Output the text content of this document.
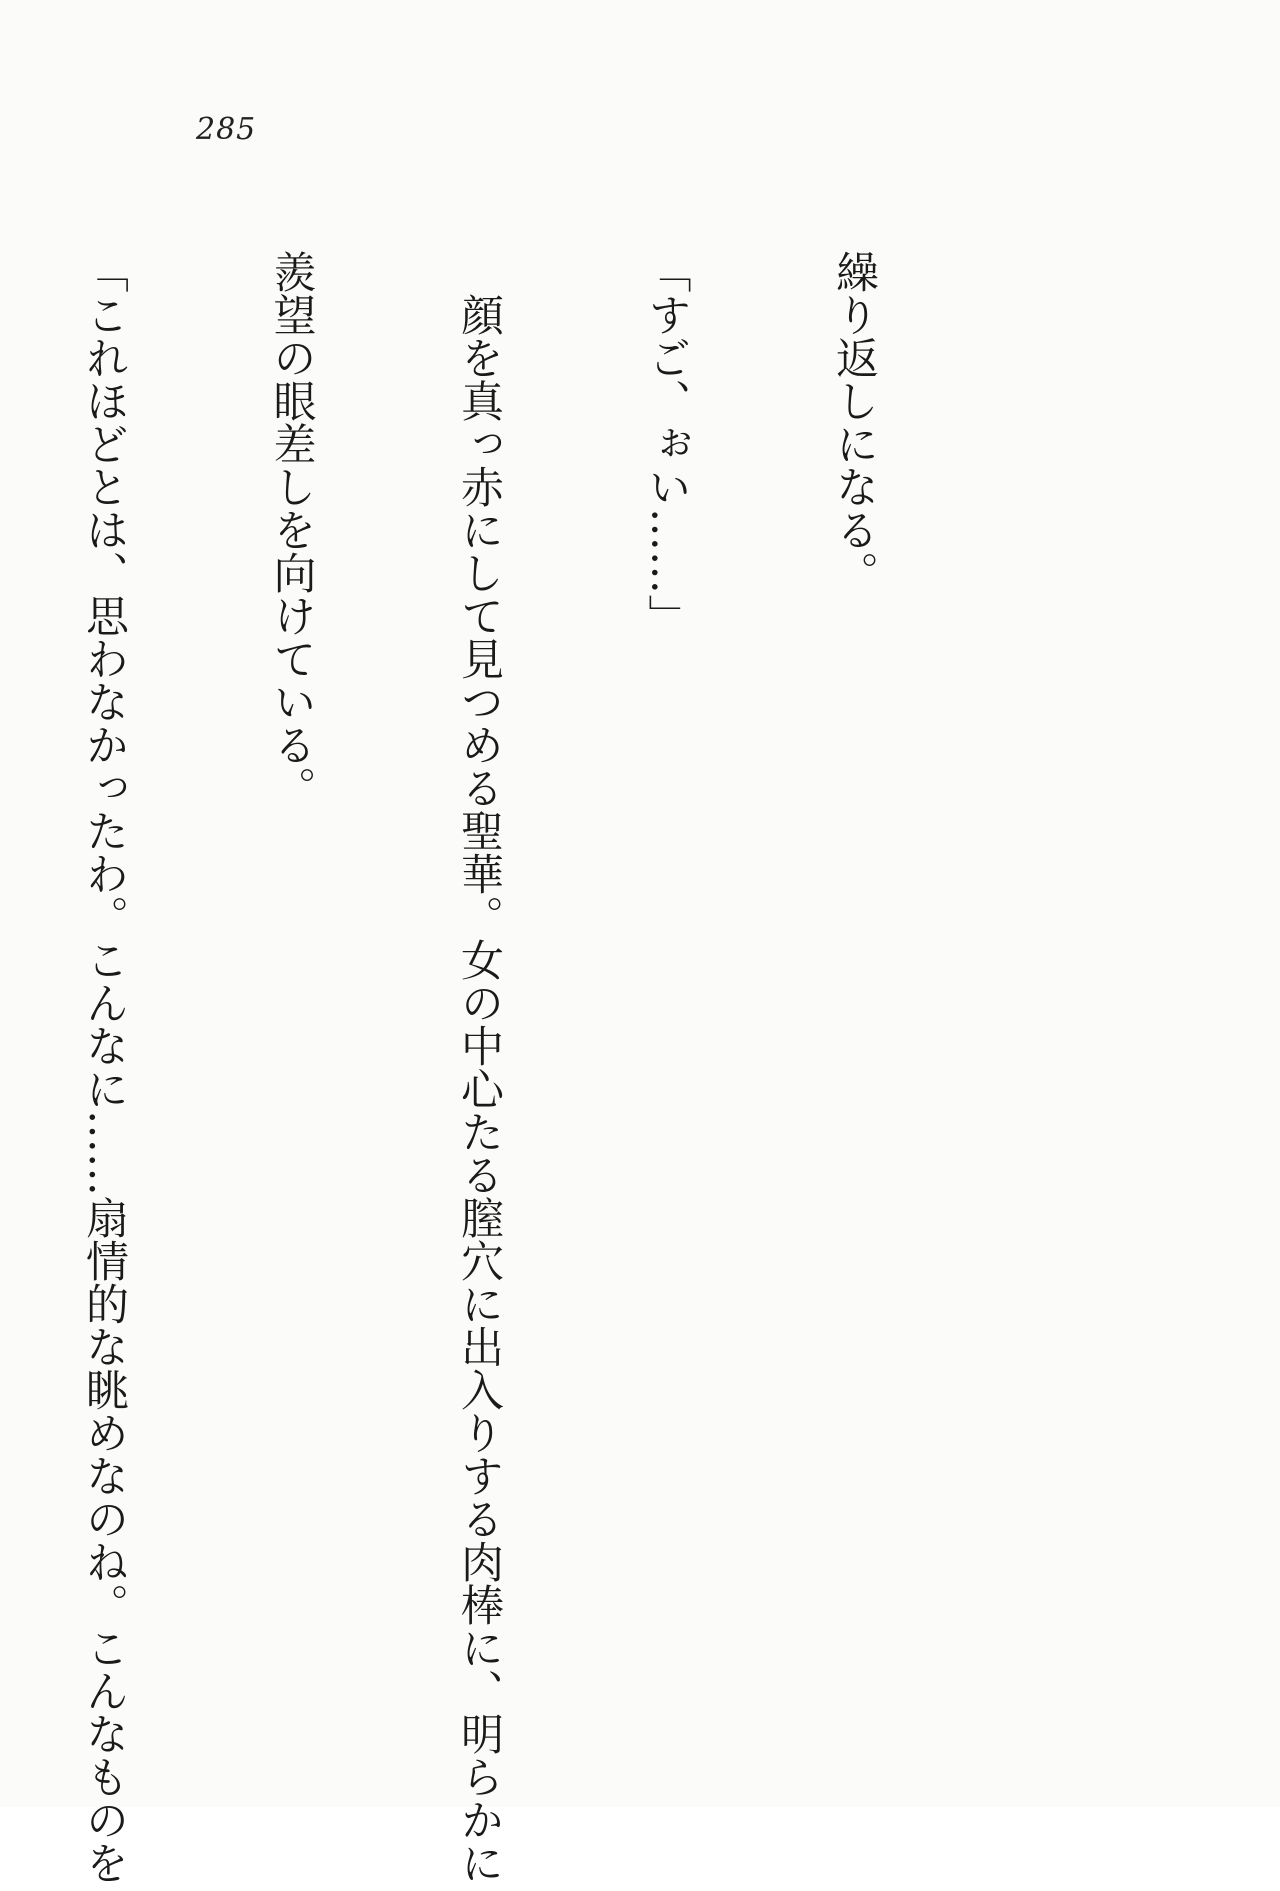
285

繰り返しになる。

「すご、ぉい……」

　顔を真っ赤にして見つめる聖華。女の中心たる膣穴に出入りする肉棒に、明らかに

羨望の眼差しを向けている。

「これほどとは、思わなかったわ。こんなに……扇情的な眺めなのね。こんなものを
